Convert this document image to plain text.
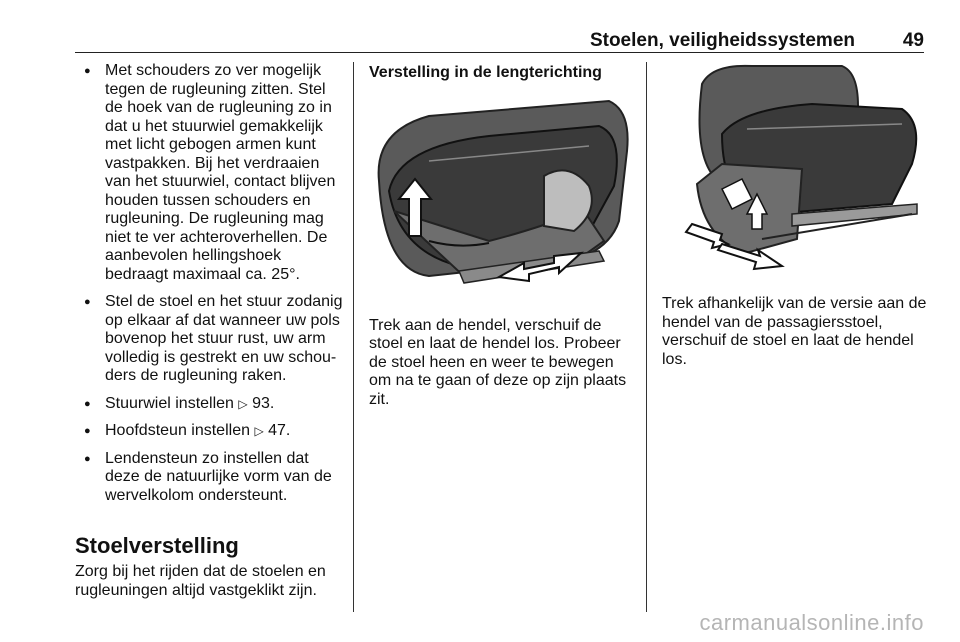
Stoelen, veiligheidssystemen	49
● Met schouders zo ver mogelijk tegen de rugleuning zitten. Stel de hoek van de rugleuning zo in dat u het stuurwiel gemakkelijk met licht gebogen armen kunt vastpakken. Bij het verdraaien van het stuurwiel, contact blijven houden tussen schouders en rugleuning. De rugleuning mag niet te ver achteroverhellen. De aanbevolen hellingshoek bedraagt maximaal ca. 25°.
● Stel de stoel en het stuur zodanig op elkaar af dat wanneer uw pols bovenop het stuur rust, uw arm volledig is gestrekt en uw schou-ders de rugleuning raken.
● Stuurwiel instellen ▷ 93.
● Hoofdsteun instellen ▷ 47.
● Lendensteun zo instellen dat deze de natuurlijke vorm van de wervelkolom ondersteunt.
Stoelverstelling
Zorg bij het rijden dat de stoelen en rugleuningen altijd vastgeklikt zijn.
Verstelling in de lengterichting
Trek aan de hendel, verschuif de stoel en laat de hendel los. Probeer de stoel heen en weer te bewegen om na te gaan of deze op zijn plaats zit.
Trek afhankelijk van de versie aan de hendel van de passagiersstoel, verschuif de stoel en laat de hendel los.
carmanualsonline.info
